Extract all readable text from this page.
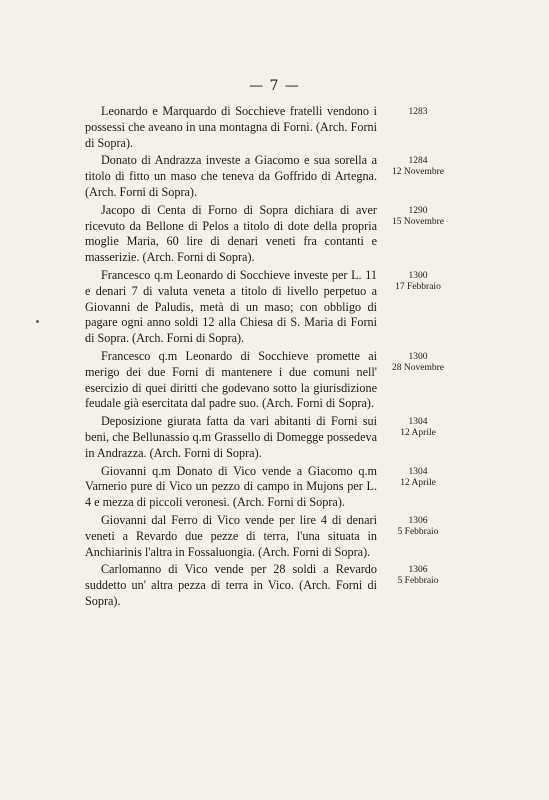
— 7 —

Leonardo e Marquardo di Socchieve fratelli vendono i possessi che aveano in una montagna di Forni. (Arch. Forni di Sopra).

1283

Donato di Andrazza investe a Giacomo e sua sorella a titolo di fitto un maso che teneva da Goffrido di Artegna. (Arch. Forni di Sopra).

1284
12 Novembre

Jacopo di Centa di Forno di Sopra dichiara di aver ricevuto da Bellone di Pelos a titolo di dote della propria moglie Maria, 60 lire di denari veneti fra contanti e masserizie. (Arch. Forni di Sopra).

1290
15 Novembre

Francesco q.m Leonardo di Socchieve investe per L. 11 e denari 7 di valuta veneta a titolo di livello perpetuo a Giovanni de Paludis, metà di un maso; con obbligo di pagare ogni anno soldi 12 alla Chiesa di S. Maria di Forni di Sopra. (Arch. Forni di Sopra).

1300
17 Febbraio

Francesco q.m Leonardo di Socchieve promette ai merigo dei due Forni di mantenere i due comuni nell' esercizio di quei diritti che godevano sotto la giurisdizione feudale già esercitata dal padre suo. (Arch. Forni di Sopra).

1300
28 Novembre

Deposizione giurata fatta da vari abitanti di Forni sui beni, che Bellunassio q.m Grassello di Domegge possedeva in Andrazza. (Arch. Forni di Sopra).

1304
12 Aprile

Giovanni q.m Donato di Vico vende a Giacomo q.m Varnerio pure di Vico un pezzo di campo in Mujons per L. 4 e mezza di piccoli veronesi. (Arch. Forni di Sopra).

1304
12 Aprile

Giovanni dal Ferro di Vico vende per lire 4 di denari veneti a Revardo due pezze di terra, l'una situata in Anchiarinis l'altra in Fossaluongia. (Arch. Forni di Sopra).

1306
5 Febbraio

Carlomanno di Vico vende per 28 soldi a Revardo suddetto un' altra pezza di terra in Vico. (Arch. Forni di Sopra).

1306
5 Febbraio
